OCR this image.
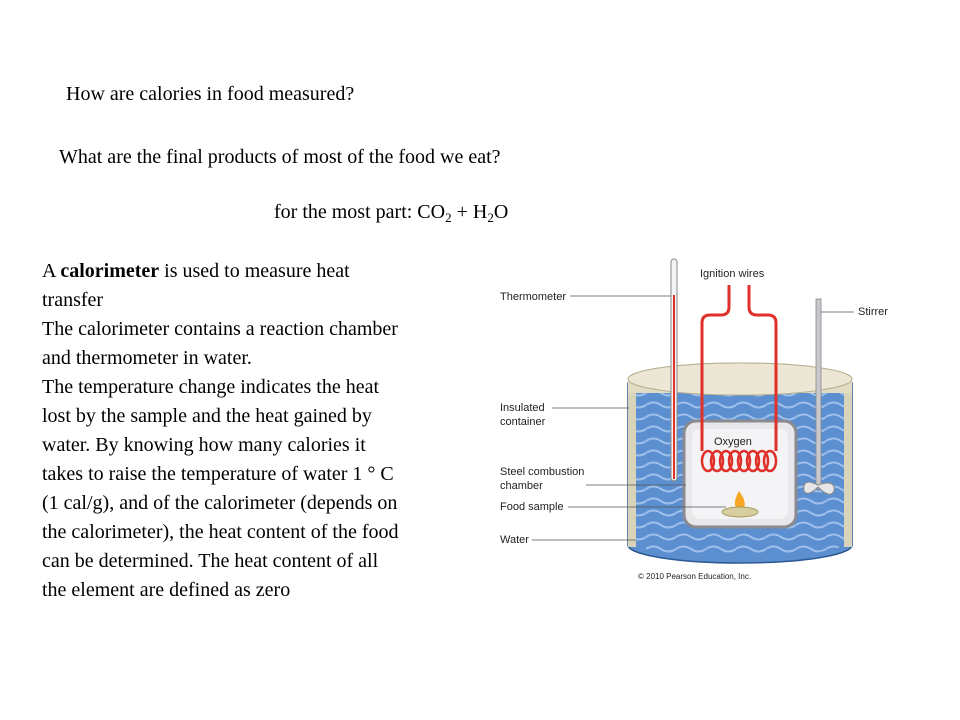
How are calories in food measured?
What are the final products of most of the food we eat?
for the most part: $CO_2 + H_2O$

A calorimeter is used to measure heat transfer

The calorimeter contains a reaction chamber and thermometer in water.

The temperature change indicates the heat lost by the sample and the heat gained by water. By knowing how many calories it takes to raise the temperature of water 1 ° C (1 cal/g), and of the calorimeter (depends on the calorimeter), the heat content of the food can be determined. The heat content of all the element are defined as zero

Ignition wires
Thermometer
Stirrer
Insulated
container
Oxygen
Steel combustion
chamber
Food sample
Water
© 2010 Pearson Education, Inc.
